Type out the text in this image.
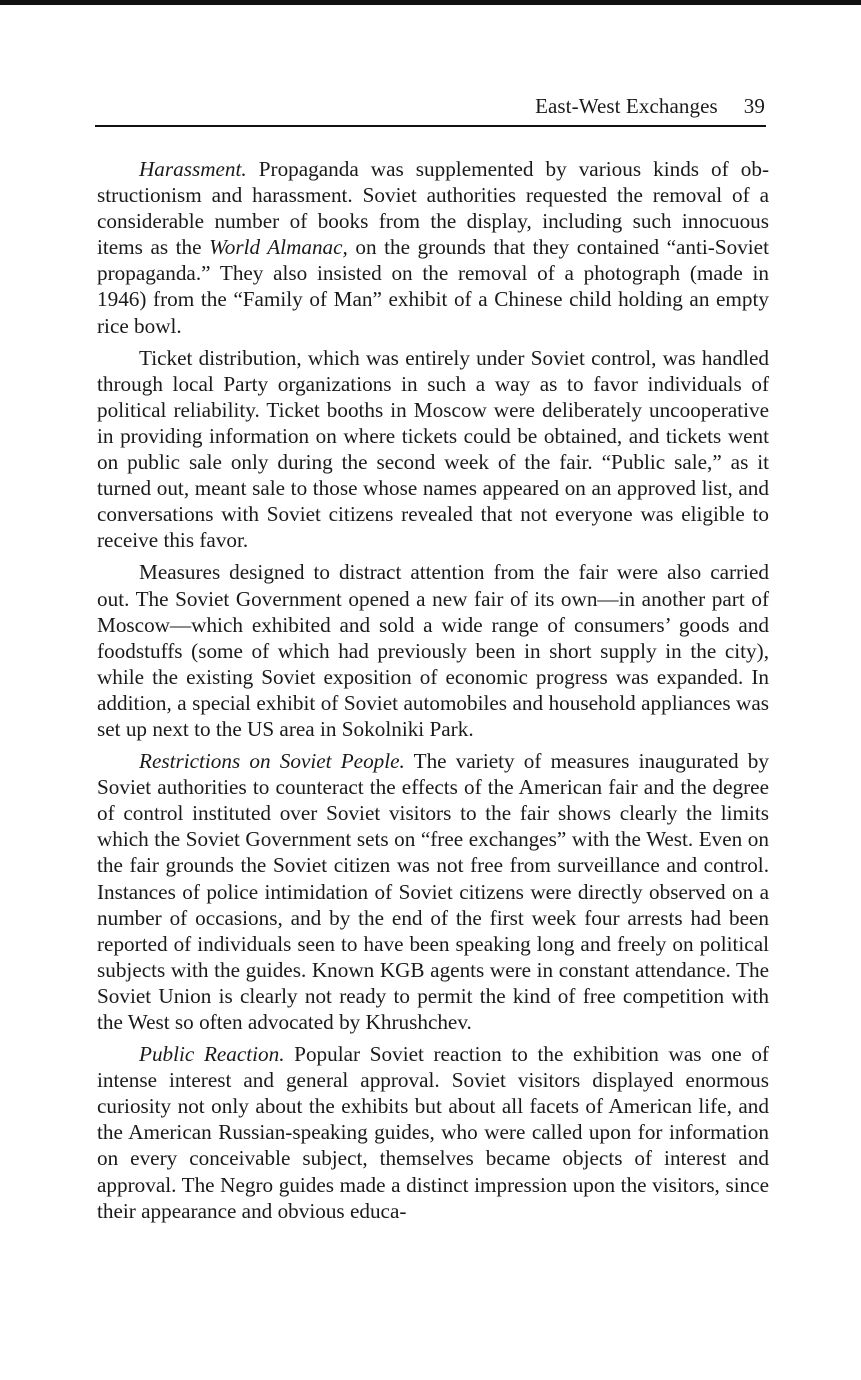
East-West Exchanges 39

Harassment. Propaganda was supplemented by various kinds of obstructionism and harassment. Soviet authorities requested the removal of a considerable number of books from the display, including such innocuous items as the World Almanac, on the grounds that they contained “anti-Soviet propaganda.” They also insisted on the removal of a photograph (made in 1946) from the “Family of Man” exhibit of a Chinese child holding an empty rice bowl.

Ticket distribution, which was entirely under Soviet control, was handled through local Party organizations in such a way as to favor individuals of political reliability. Ticket booths in Moscow were deliberately uncooperative in providing information on where tickets could be obtained, and tickets went on public sale only during the second week of the fair. “Public sale,” as it turned out, meant sale to those whose names appeared on an approved list, and conversations with Soviet citizens revealed that not everyone was eligible to receive this favor.

Measures designed to distract attention from the fair were also carried out. The Soviet Government opened a new fair of its own—in another part of Moscow—which exhibited and sold a wide range of consumers’ goods and foodstuffs (some of which had previously been in short supply in the city), while the existing Soviet exposition of economic progress was expanded. In addition, a special exhibit of Soviet automobiles and household appliances was set up next to the US area in Sokolniki Park.

Restrictions on Soviet People. The variety of measures inaugurated by Soviet authorities to counteract the effects of the American fair and the degree of control instituted over Soviet visitors to the fair shows clearly the limits which the Soviet Government sets on “free exchanges” with the West. Even on the fair grounds the Soviet citizen was not free from surveillance and control. Instances of police intimidation of Soviet citizens were directly observed on a number of occasions, and by the end of the first week four arrests had been reported of individuals seen to have been speaking long and freely on political subjects with the guides. Known KGB agents were in constant attendance. The Soviet Union is clearly not ready to permit the kind of free competition with the West so often advocated by Khrushchev.

Public Reaction. Popular Soviet reaction to the exhibition was one of intense interest and general approval. Soviet visitors displayed enormous curiosity not only about the exhibits but about all facets of American life, and the American Russian-speaking guides, who were called upon for information on every conceivable subject, themselves became objects of interest and approval. The Negro guides made a distinct impression upon the visitors, since their appearance and obvious educa-
